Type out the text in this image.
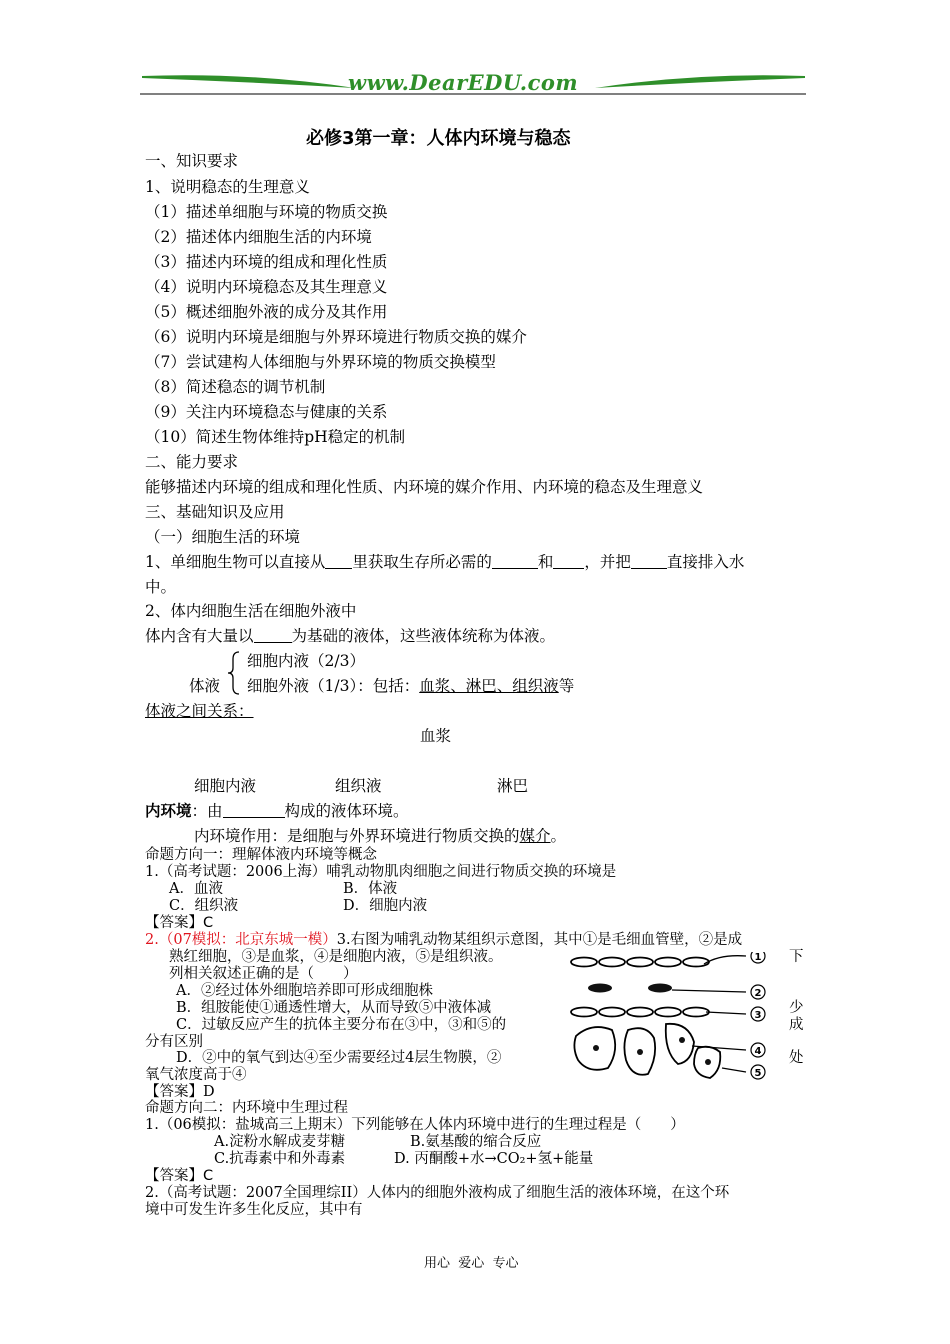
www.DearEDU.com
必修3第一章：人体内环境与稳态
一、知识要求
1、说明稳态的生理意义
（1）描述单细胞与环境的物质交换
（2）描述体内细胞生活的内环境
（3）描述内环境的组成和理化性质
（4）说明内环境稳态及其生理意义
（5）概述细胞外液的成分及其作用
（6）说明内环境是细胞与外界环境进行物质交换的媒介
（7）尝试建构人体细胞与外界环境的物质交换模型
（8）简述稳态的调节机制
（9）关注内环境稳态与健康的关系
（10）简述生物体维持pH稳定的机制
二、能力要求
能够描述内环境的组成和理化性质、内环境的媒介作用、内环境的稳态及生理意义
三、基础知识及应用
（一）细胞生活的环境
1、单细胞生物可以直接从 里获取生存所必需的	和 ，并把 直接排入水
中。
2、体内细胞生活在细胞外液中
体内含有大量以 为基础的液体，这些液体统称为体液。
体液
细胞内液（2/3）
细胞外液（1/3）：包括：血浆、淋巴、组织液等
体液之间关系：
血浆
细胞内液	组织液	淋巴
内环境：由	构成的液体环境。
内环境作用：是细胞与外界环境进行物质交换的媒介。
命题方向一：理解体液内环境等概念
1.（高考试题：2006上海）哺乳动物肌肉细胞之间进行物质交换的环境是
A．血液	B．体液
C．组织液	D．细胞内液
【答案】C
2.（07模拟：北京东城一模）3.右图为哺乳动物某组织示意图，其中①是毛细血管壁，②是成
熟红细胞，③是血浆，④是细胞内液，⑤是组织液。	下
列相关叙述正确的是（　　）
A．②经过体外细胞培养即可形成细胞株
B．组胺能使①通透性增大，从而导致⑤中液体减	少
C．过敏反应产生的抗体主要分布在③中，③和⑤的	成
分有区别
D．②中的氧气到达④至少需要经过4层生物膜，②	处
氧气浓度高于④
【答案】D
1
2
3
4
5
命题方向二：内环境中生理过程
1.（06模拟：盐城高三上期末）下列能够在人体内环境中进行的生理过程是（　　）
A.淀粉水解成麦芽糖	B.氨基酸的缩合反应
C.抗毒素中和外毒素	D. 丙酮酸+水→CO₂+氢+能量
【答案】C
2.（高考试题：2007全国理综II）人体内的细胞外液构成了细胞生活的液体环境，在这个环
境中可发生许多生化反应，其中有
用心  爱心  专心
